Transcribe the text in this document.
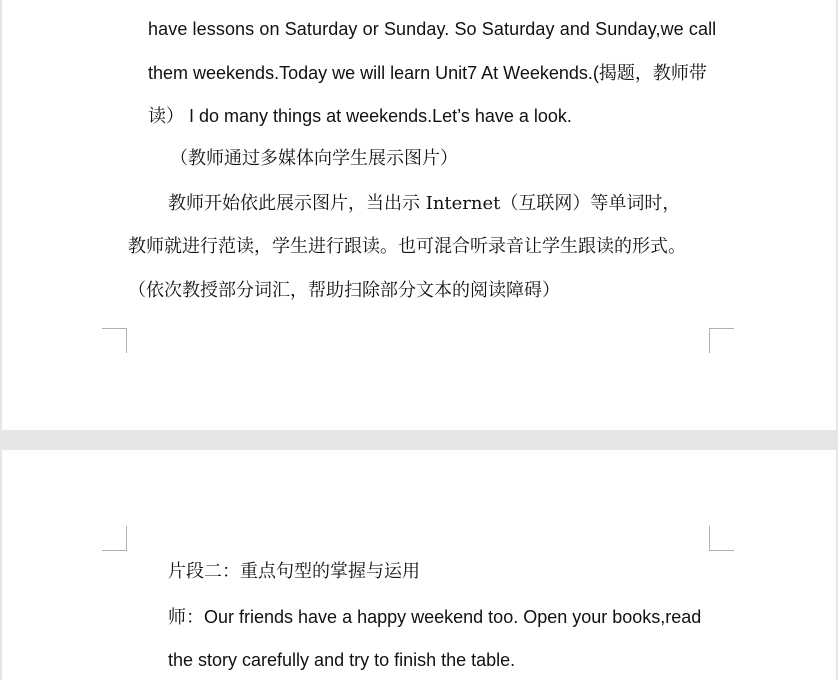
have lessons on Saturday or Sunday. So Saturday and Sunday,we call
them weekends.Today we will learn Unit7 At Weekends.(揭题，教师带
读） I do many things at weekends.Let’s have a look.
（教师通过多媒体向学生展示图片）
教师开始依此展示图片，当出示 Internet（互联网）等单词时，
教师就进行范读，学生进行跟读。也可混合听录音让学生跟读的形式。
（依次教授部分词汇，帮助扫除部分文本的阅读障碍）
片段二：重点句型的掌握与运用
师：Our friends have a happy weekend too. Open your books,read
the story carefully and try to finish the table.
